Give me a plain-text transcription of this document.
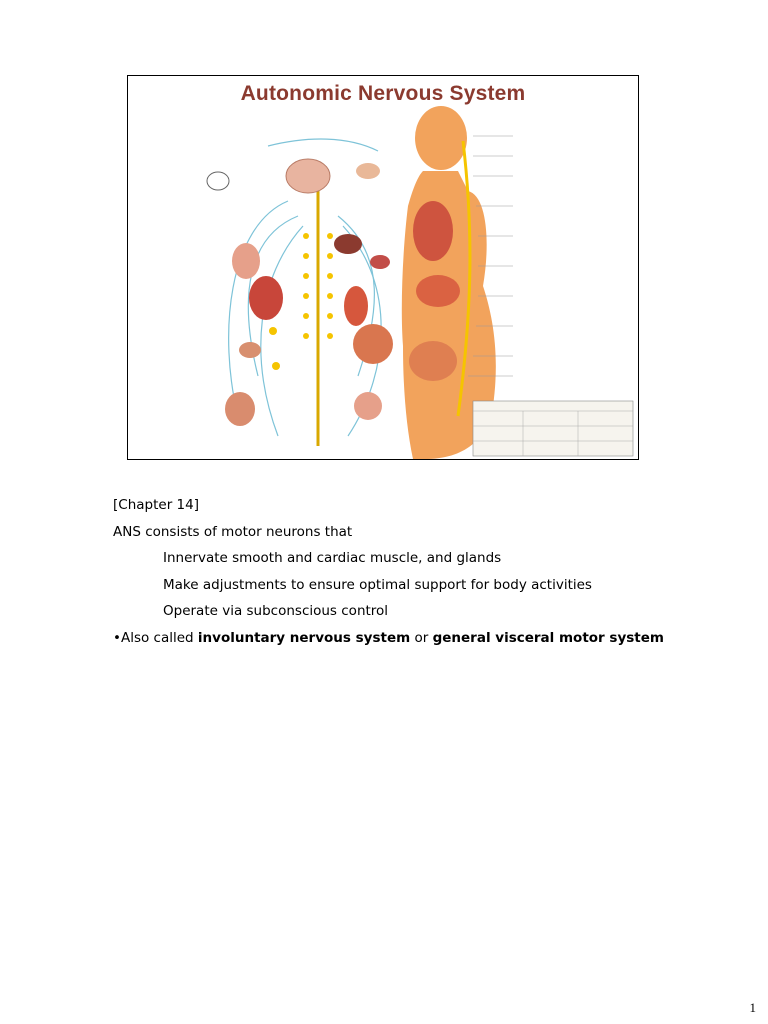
Autonomic Nervous System
[Chapter 14]
ANS consists of motor neurons that
Innervate smooth and cardiac muscle, and glands
Make adjustments to ensure optimal support for body activities
Operate via subconscious control
•Also called involuntary nervous system or general visceral motor system
1
